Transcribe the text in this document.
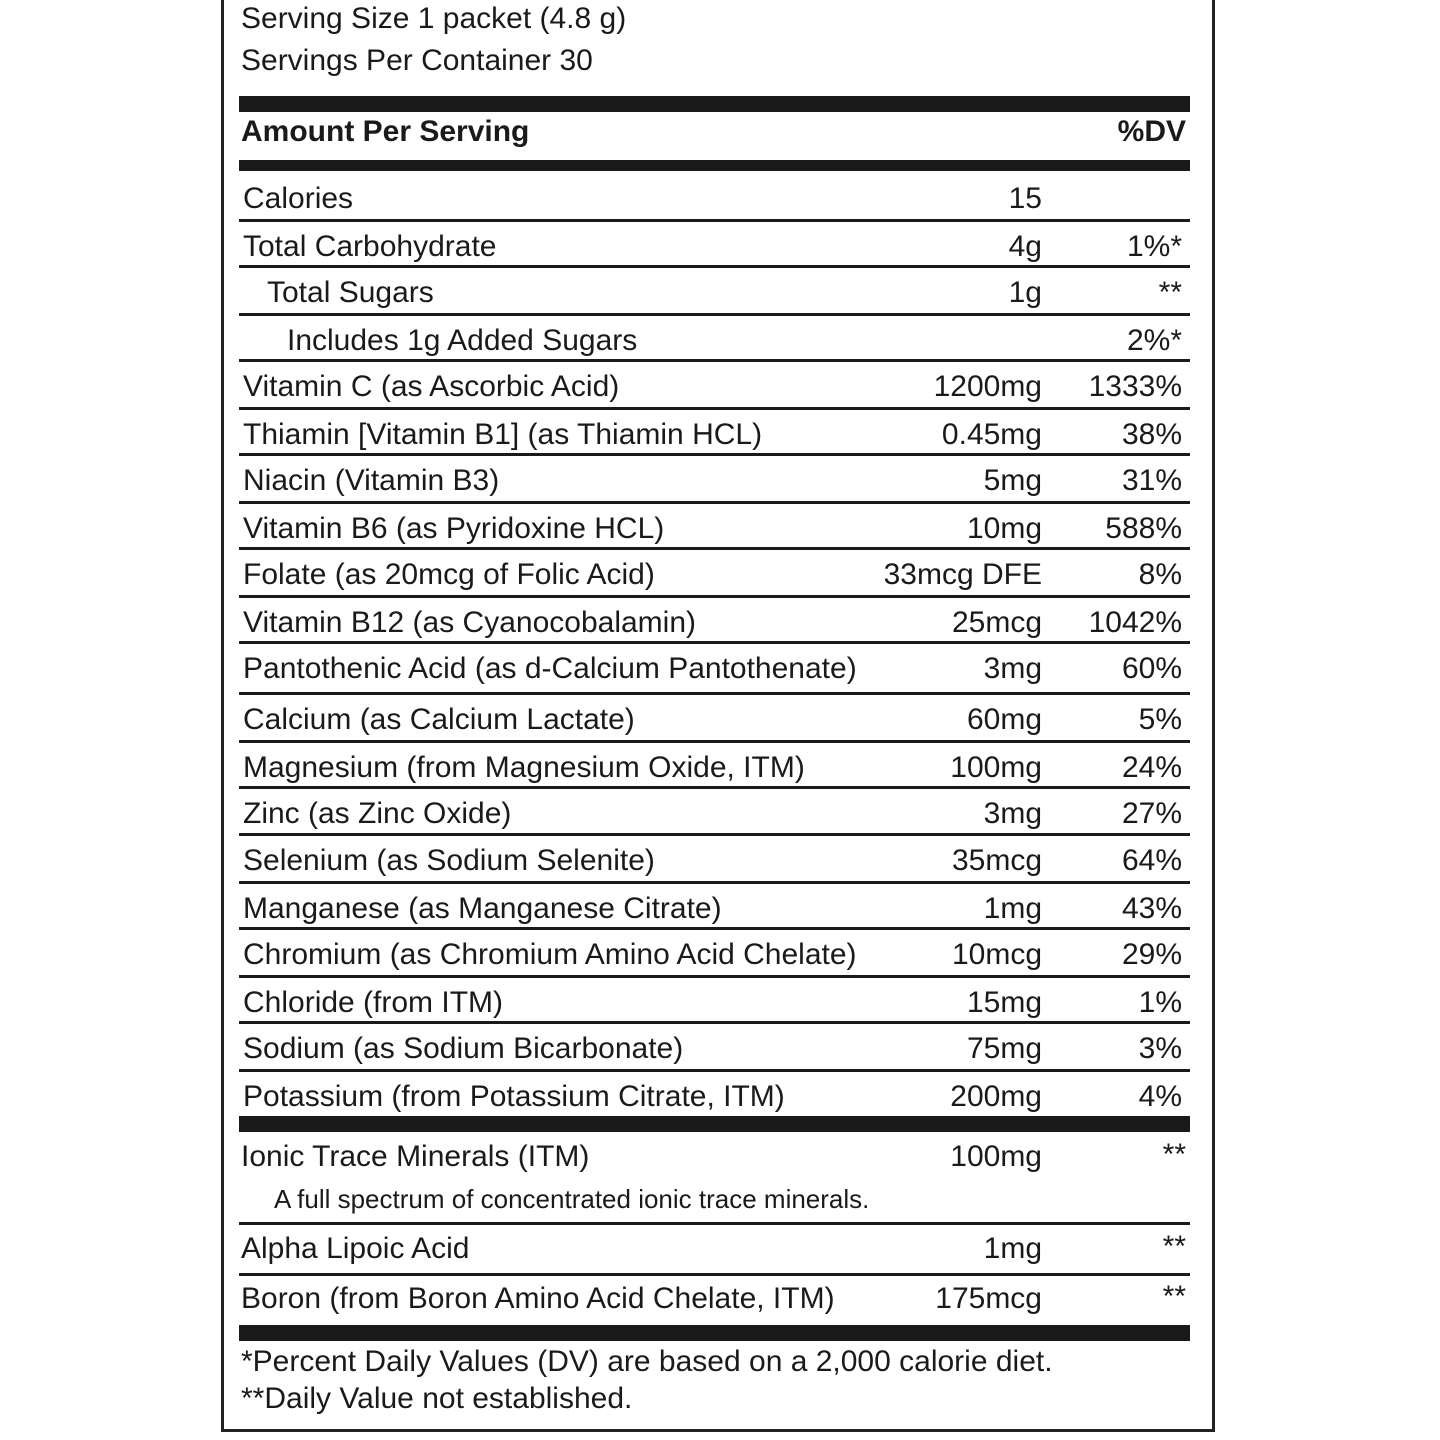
Serving Size 1 packet (4.8 g)
Servings Per Container 30
Amount Per Serving	%DV
Calories	15
Total Carbohydrate	4g	1%*
Total Sugars	1g	**
Includes 1g Added Sugars	2%*
Vitamin C (as Ascorbic Acid)	1200mg 1333%
Thiamin [Vitamin B1] (as Thiamin HCL)	0.45mg	38%
Niacin (Vitamin B3)	5mg	31%
Vitamin B6 (as Pyridoxine HCL)	10mg 588%
Folate (as 20mcg of Folic Acid)	33mcg DFE	8%
Vitamin B12 (as Cyanocobalamin)	25mcg 1042%
Pantothenic Acid (as d-Calcium Pantothenate)	3mg	60%
Calcium (as Calcium Lactate)	60mg	5%
Magnesium (from Magnesium Oxide, ITM)	100mg	24%
Zinc (as Zinc Oxide)	3mg	27%
Selenium (as Sodium Selenite)	35mcg	64%
Manganese (as Manganese Citrate)	1mg	43%
Chromium (as Chromium Amino Acid Chelate)	10mcg	29%
Chloride (from ITM)	15mg	1%
Sodium (as Sodium Bicarbonate)	75mg	3%
Potassium (from Potassium Citrate, ITM)	200mg	4%
Ionic Trace Minerals (ITM)	100mg	**
A full spectrum of concentrated ionic trace minerals.
Alpha Lipoic Acid	1mg	**
Boron (from Boron Amino Acid Chelate, ITM)	175mcg	**
*Percent Daily Values (DV) are based on a 2,000 calorie diet.
**Daily Value not established.
